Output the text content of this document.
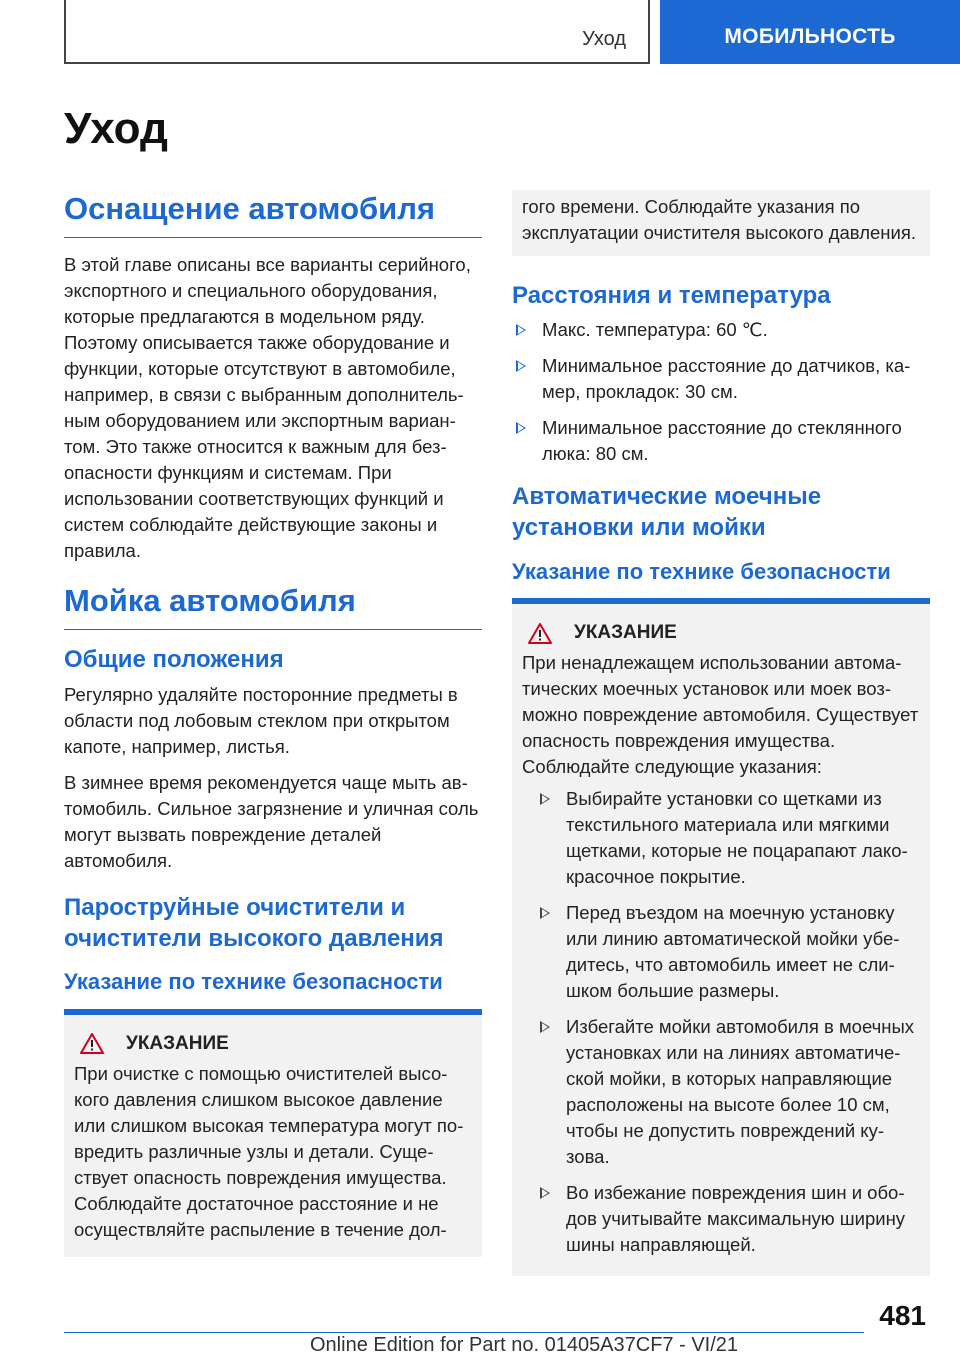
Уход	МОБИЛЬНОСТЬ
Уход
Оснащение автомобиля

В этой главе описаны все варианты серийного, экспортного и специального оборудования, которые предлагаются в модельном ряду. Поэтому описывается также оборудование и функции, которые отсутствуют в автомобиле, например, в связи с выбранным дополнительным оборудованием или экспортным вариантом. Это также относится к важным для безопасности функциям и системам. При использовании соответствующих функций и систем соблюдайте действующие законы и правила.

Мойка автомобиля
Общие положения

Регулярно удаляйте посторонние предметы в области под лобовым стеклом при открытом капоте, например, листья.

В зимнее время рекомендуется чаще мыть автомобиль. Сильное загрязнение и уличная соль могут вызвать повреждение деталей автомобиля.

Пароструйные очистители и очистители высокого давления
Указание по технике безопасности
УКАЗАНИЕ

При очистке с помощью очистителей высокого давления слишком высокое давление или слишком высокая температура могут повредить различные узлы и детали. Существует опасность повреждения имущества. Соблюдайте достаточное расстояние и не осуществляйте распыление в течение дол-

гого времени. Соблюдайте указания по эксплуатации очистителя высокого давления.

Расстояния и температура
Макс. температура: 60 ℃.
Минимальное расстояние до датчиков, камер, прокладок: 30 см.
Минимальное расстояние до стеклянного люка: 80 см.
Автоматические моечные установки или мойки
Указание по технике безопасности
УКАЗАНИЕ

При ненадлежащем использовании автоматических моечных установок или моек возможно повреждение автомобиля. Существует опасность повреждения имущества. Соблюдайте следующие указания:

Выбирайте установки со щетками из текстильного материала или мягкими щетками, которые не поцарапают лакокрасочное покрытие.
Перед въездом на моечную установку или линию автоматической мойки убедитесь, что автомобиль имеет не слишком большие размеры.
Избегайте мойки автомобиля в моечных установках или на линиях автоматической мойки, в которых направляющие расположены на высоте более 10 см, чтобы не допустить повреждений кузова.
Во избежание повреждения шин и ободов учитывайте максимальную ширину шины направляющей.
481
Online Edition for Part no. 01405A37CF7 - VI/21
